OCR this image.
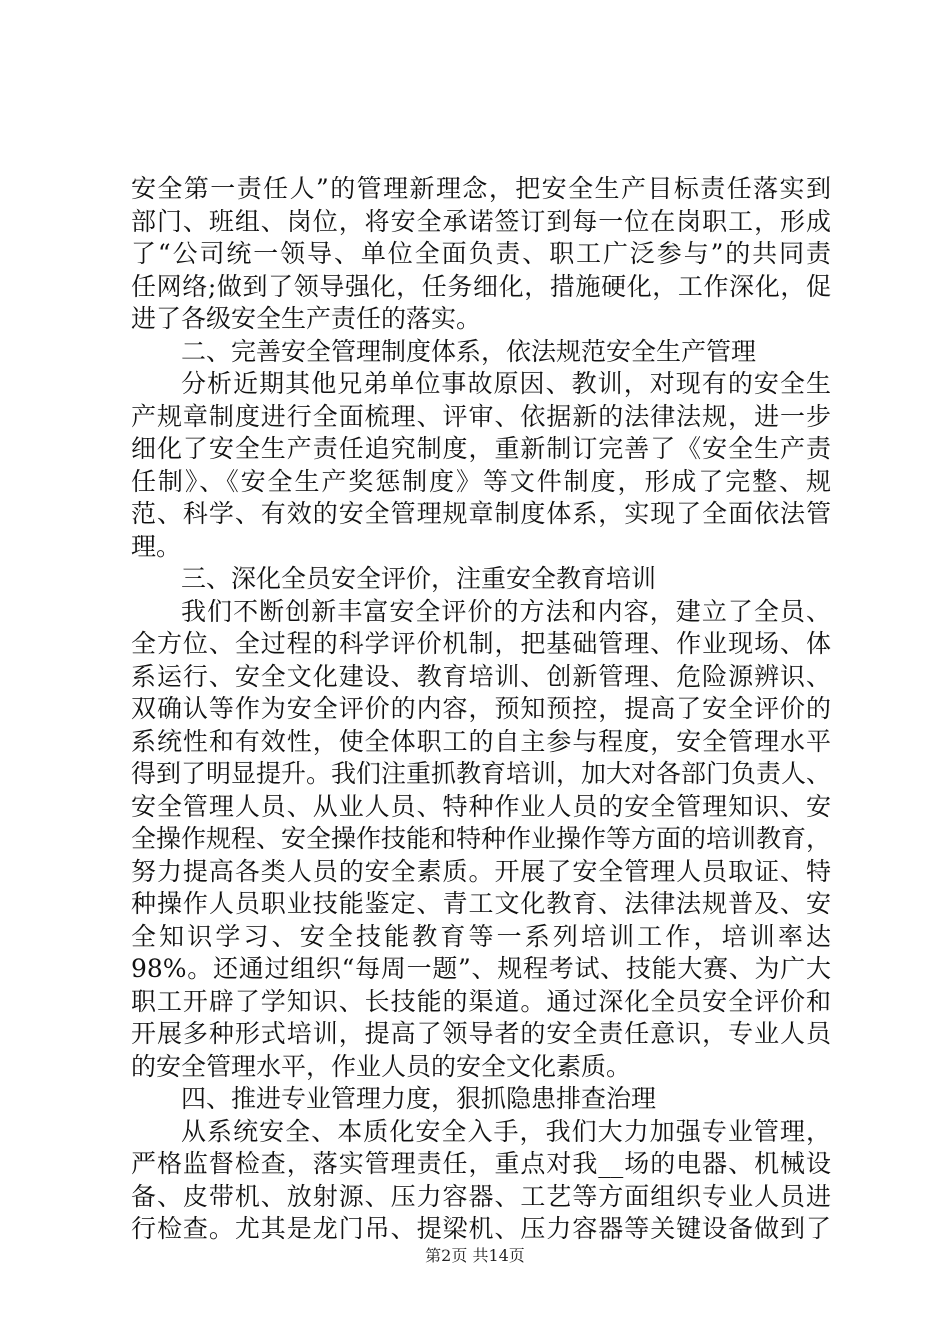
安全第一责任人”的管理新理念，把安全生产目标责任落实到
部门、班组、岗位，将安全承诺签订到每一位在岗职工，形成
了“公司统一领导、单位全面负责、职工广泛参与”的共同责
任网络;做到了领导强化，任务细化，措施硬化，工作深化，促
进了各级安全生产责任的落实。
二、完善安全管理制度体系，依法规范安全生产管理
分析近期其他兄弟单位事故原因、教训，对现有的安全生
产规章制度进行全面梳理、评审、依据新的法律法规，进一步
细化了安全生产责任追究制度，重新制订完善了《安全生产责
任制》、《安全生产奖惩制度》等文件制度，形成了完整、规
范、科学、有效的安全管理规章制度体系，实现了全面依法管
理。
三、深化全员安全评价，注重安全教育培训
我们不断创新丰富安全评价的方法和内容，建立了全员、
全方位、全过程的科学评价机制，把基础管理、作业现场、体
系运行、安全文化建设、教育培训、创新管理、危险源辨识、
双确认等作为安全评价的内容，预知预控，提高了安全评价的
系统性和有效性，使全体职工的自主参与程度，安全管理水平
得到了明显提升。我们注重抓教育培训，加大对各部门负责人、
安全管理人员、从业人员、特种作业人员的安全管理知识、安
全操作规程、安全操作技能和特种作业操作等方面的培训教育，
努力提高各类人员的安全素质。开展了安全管理人员取证、特
种操作人员职业技能鉴定、青工文化教育、法律法规普及、安
全知识学习、安全技能教育等一系列培训工作，培训率达
98%。还通过组织“每周一题”、规程考试、技能大赛、为广大
职工开辟了学知识、长技能的渠道。通过深化全员安全评价和
开展多种形式培训，提高了领导者的安全责任意识，专业人员
的安全管理水平，作业人员的安全文化素质。
四、推进专业管理力度，狠抓隐患排查治理
从系统安全、本质化安全入手，我们大力加强专业管理，
严格监督检查，落实管理责任，重点对我__场的电器、机械设
备、皮带机、放射源、压力容器、工艺等方面组织专业人员进
行检查。尤其是龙门吊、提梁机、压力容器等关键设备做到了
第2页 共14页
